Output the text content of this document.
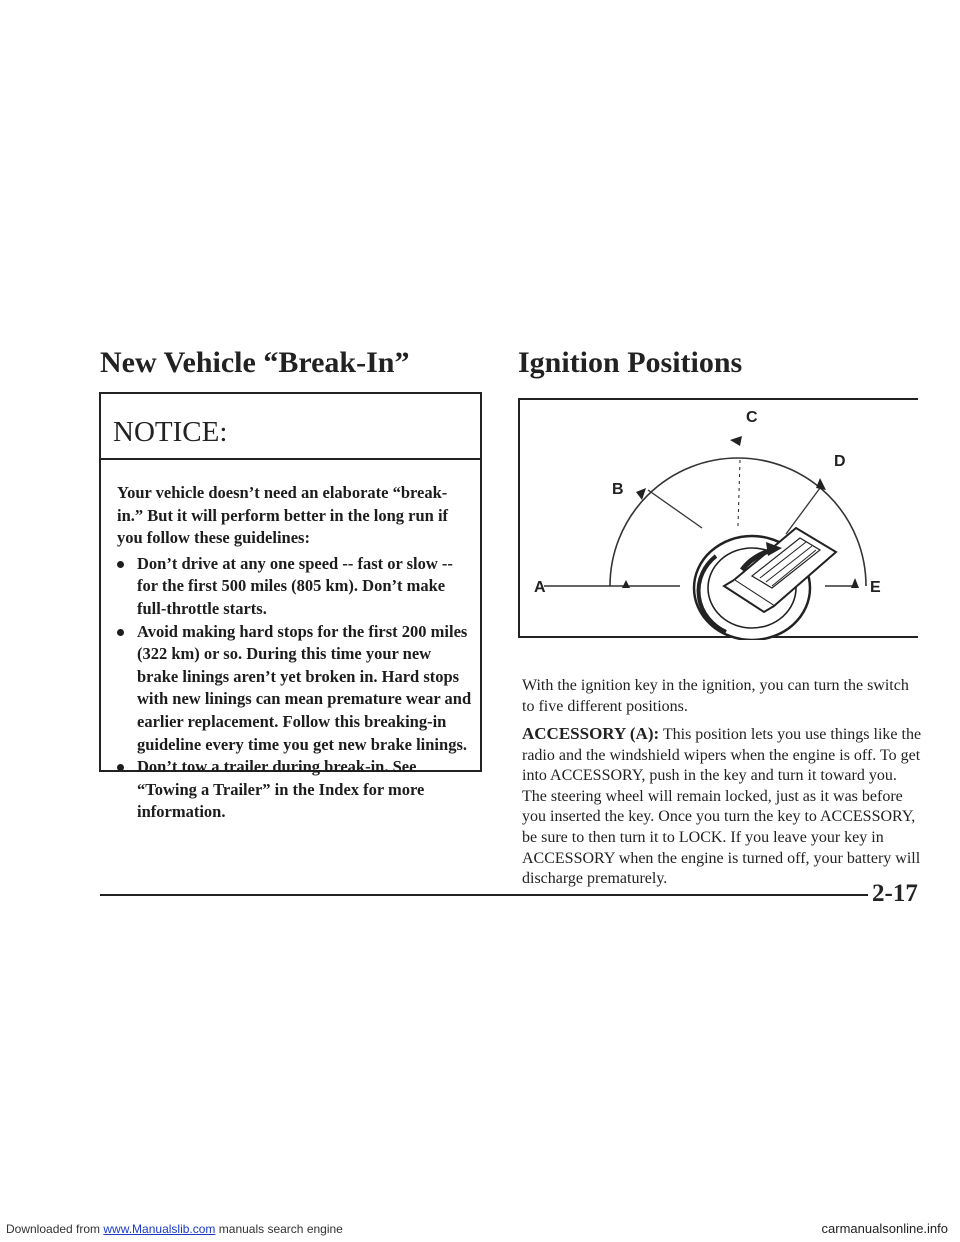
New Vehicle “Break-In”
NOTICE:

Your vehicle doesn’t need an elaborate “break-in.” But it will perform better in the long run if you follow these guidelines:

Don’t drive at any one speed -- fast or slow -- for the first 500 miles (805 km). Don’t make full-throttle starts.
Avoid making hard stops for the first 200 miles (322 km) or so. During this time your new brake linings aren’t yet broken in. Hard stops with new linings can mean premature wear and earlier replacement. Follow this breaking-in guideline every time you get new brake linings.
Don’t tow a trailer during break-in. See “Towing a Trailer” in the Index for more information.
Ignition Positions
A
B
C
D
E
With the ignition key in the ignition, you can turn the switch to five different positions.
ACCESSORY (A): This position lets you use things like the radio and the windshield wipers when the engine is off. To get into ACCESSORY, push in the key and turn it toward you. The steering wheel will remain locked, just as it was before you inserted the key. Once you turn the key to ACCESSORY, be sure to then turn it to LOCK. If you leave your key in ACCESSORY when the engine is turned off, your battery will discharge prematurely.
2-17
Downloaded from www.Manualslib.com manuals search engine	carmanualsonline.info
